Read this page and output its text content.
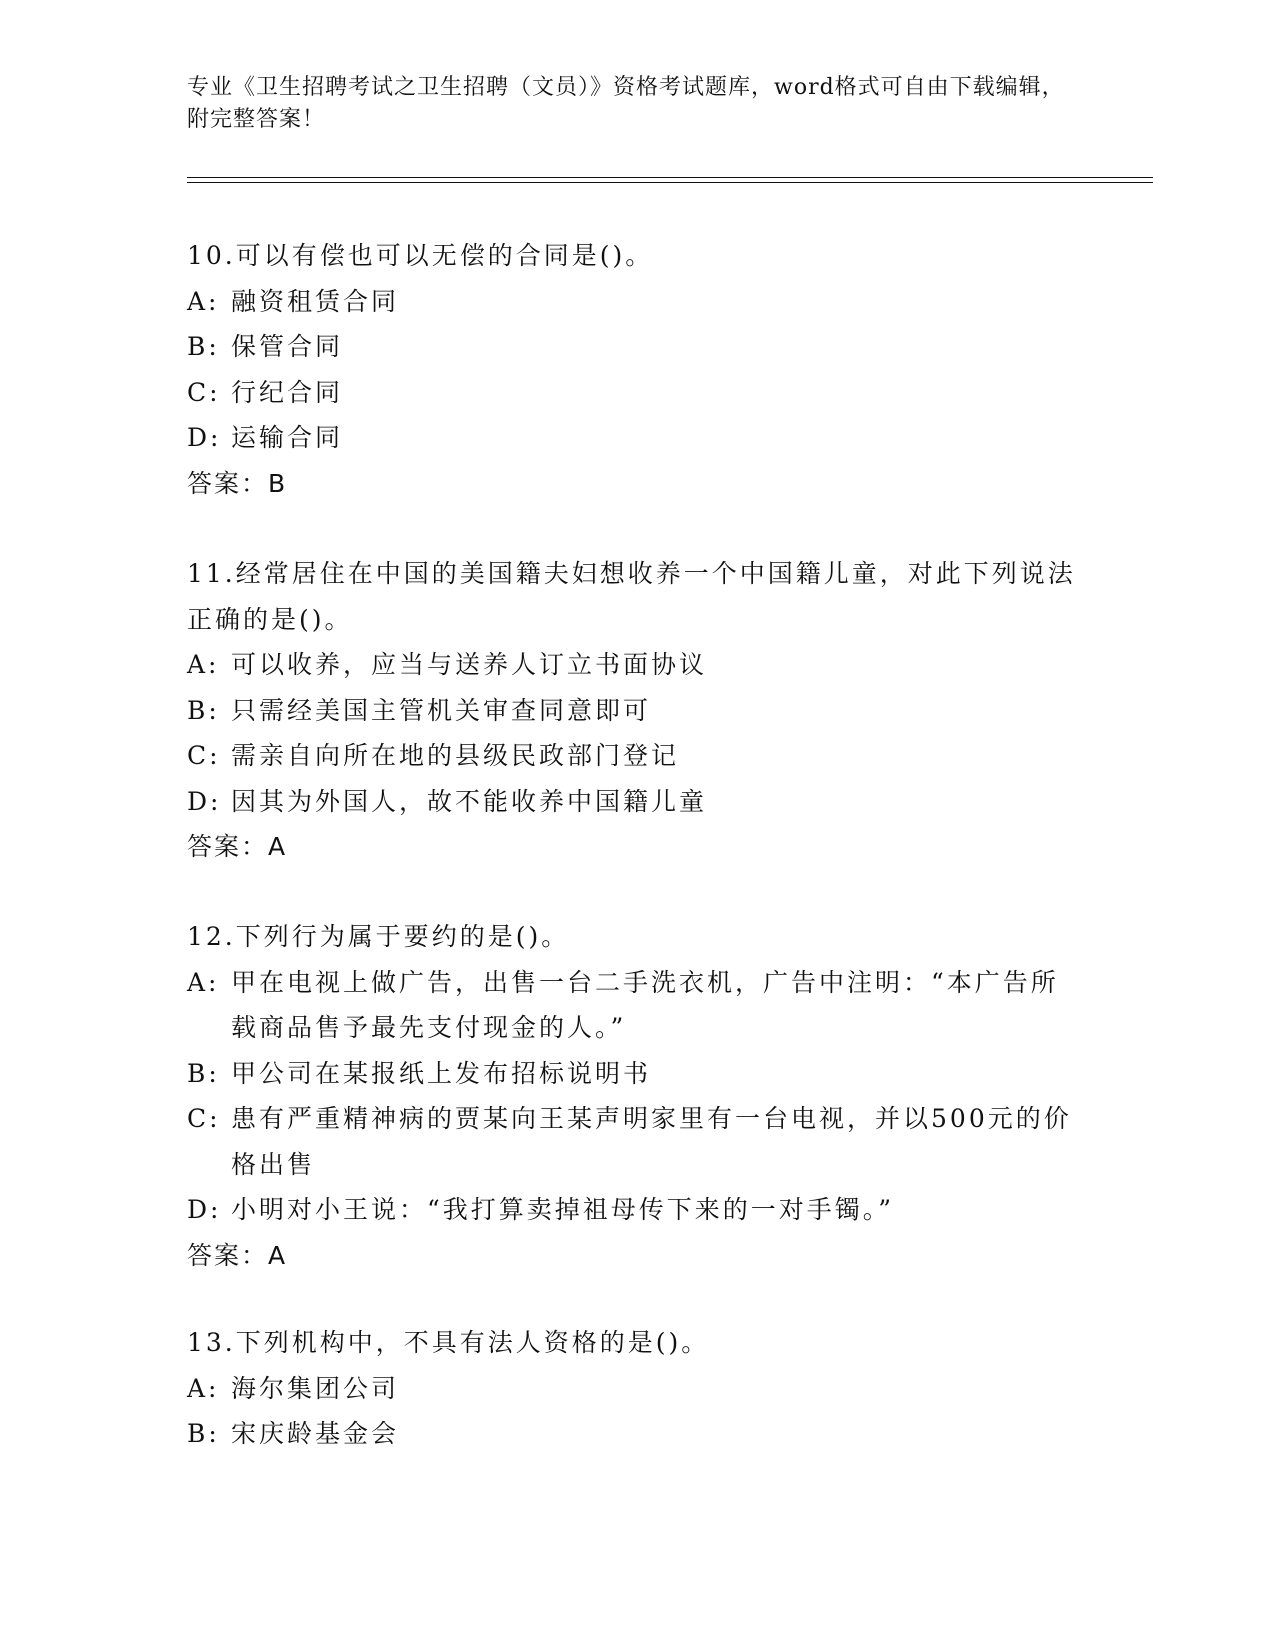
专业《卫生招聘考试之卫生招聘（文员）》资格考试题库，word格式可自由下载编辑，附完整答案！
10.可以有偿也可以无偿的合同是()。
A: 融资租赁合同
B: 保管合同
C: 行纪合同
D: 运输合同
答案：B
11.经常居住在中国的美国籍夫妇想收养一个中国籍儿童，对此下列说法正确的是()。
A: 可以收养，应当与送养人订立书面协议
B: 只需经美国主管机关审查同意即可
C: 需亲自向所在地的县级民政部门登记
D: 因其为外国人，故不能收养中国籍儿童
答案：A
12.下列行为属于要约的是()。
A: 甲在电视上做广告，出售一台二手洗衣机，广告中注明：“本广告所载商品售予最先支付现金的人。”
B: 甲公司在某报纸上发布招标说明书
C: 患有严重精神病的贾某向王某声明家里有一台电视，并以500元的价格出售
D: 小明对小王说：“我打算卖掉祖母传下来的一对手镯。”
答案：A
13.下列机构中，不具有法人资格的是()。
A: 海尔集团公司
B: 宋庆龄基金会
